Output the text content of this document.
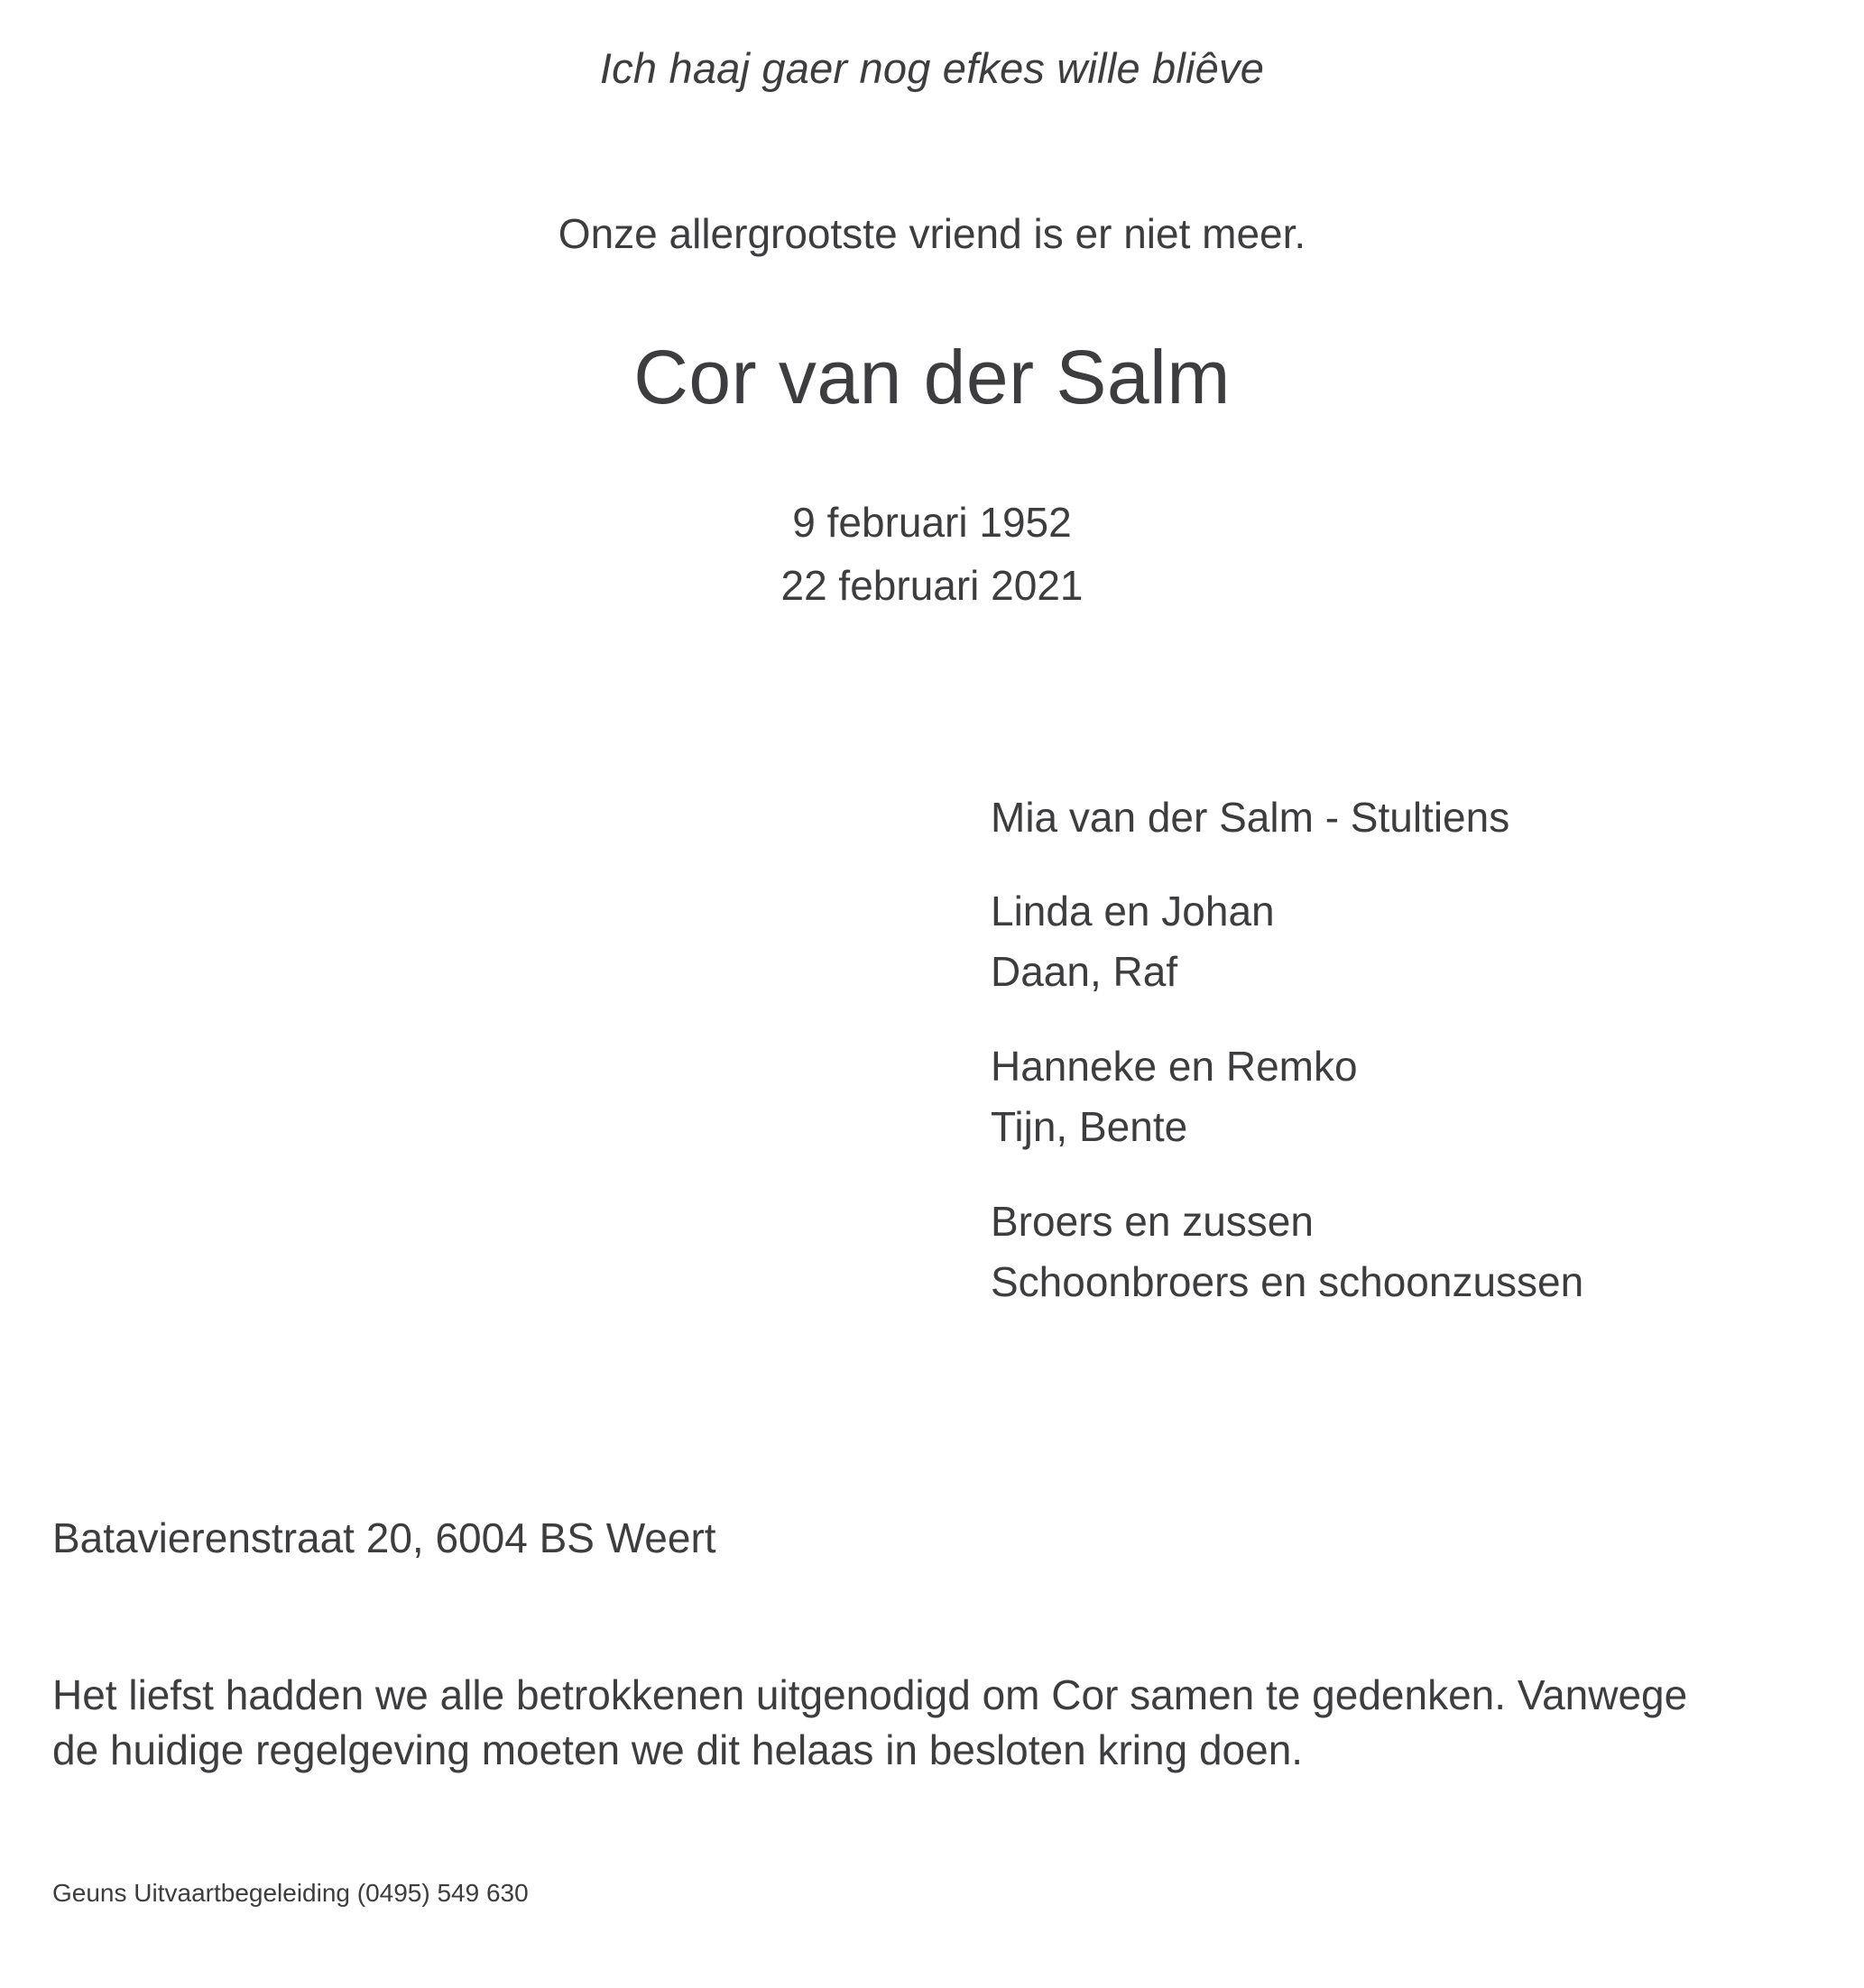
Ich haaj gaer nog efkes wille bliêve
Onze allergrootste vriend is er niet meer.
Cor van der Salm
9 februari 1952
22 februari 2021
Mia van der Salm - Stultiens
Linda en Johan
Daan, Raf
Hanneke en Remko
Tijn, Bente
Broers en zussen
Schoonbroers en schoonzussen
Batavierenstraat 20, 6004 BS Weert
Het liefst hadden we alle betrokkenen uitgenodigd om Cor samen te gedenken. Vanwege de huidige regelgeving moeten we dit helaas in besloten kring doen.
Geuns Uitvaartbegeleiding (0495) 549 630
